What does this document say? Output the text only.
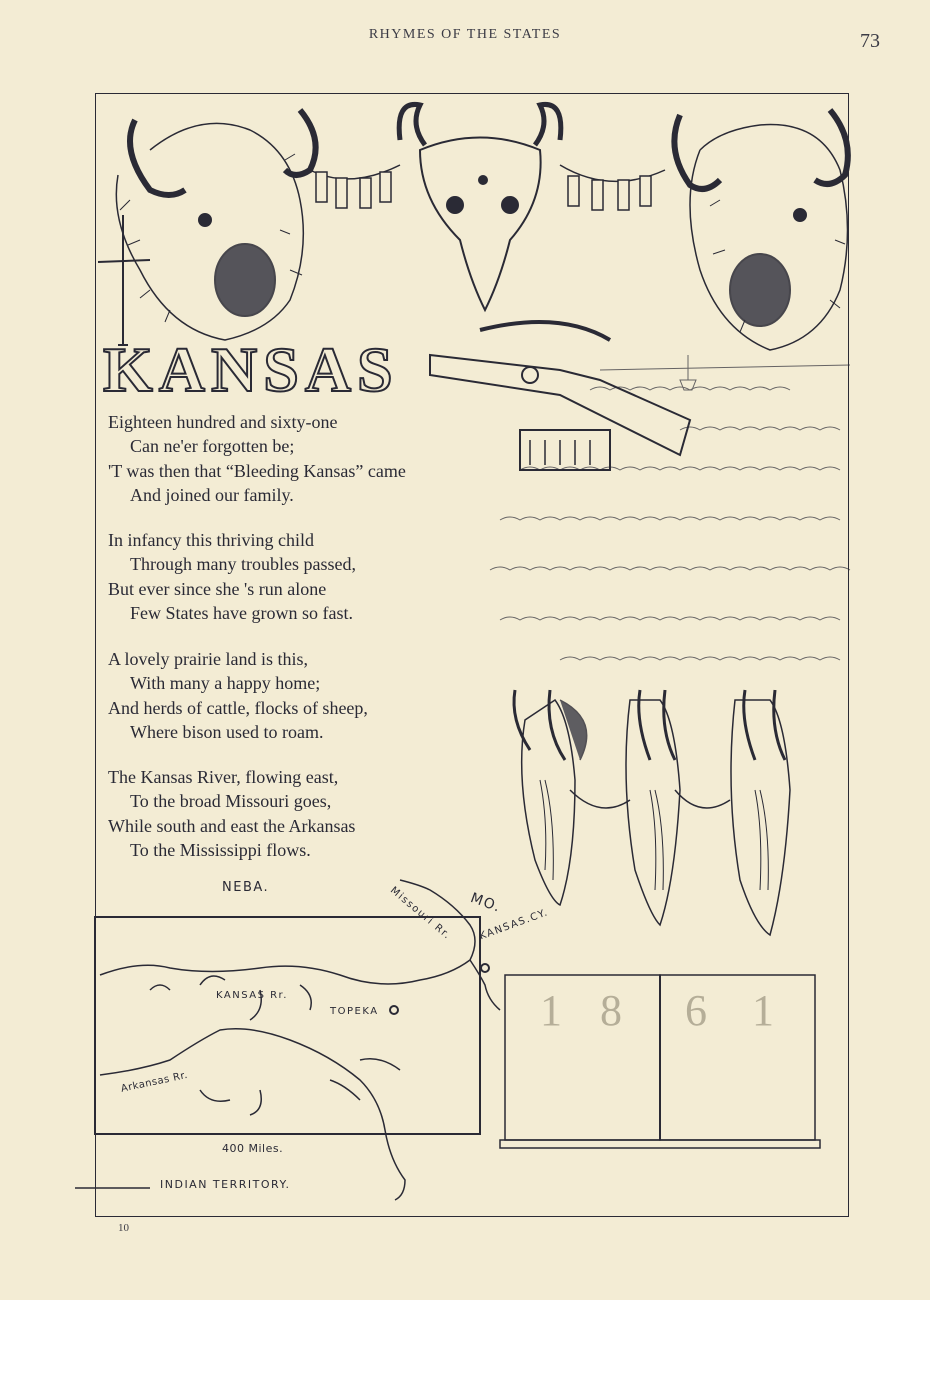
RHYMES OF THE STATES	73
KANSAS
Eighteen hundred and sixty-one
Can ne'er forgotten be;
'T was then that “Bleeding Kansas” came
And joined our family.
In infancy this thriving child
Through many troubles passed,
But ever since she 's run alone
Few States have grown so fast.
A lovely prairie land is this,
With many a happy home;
And herds of cattle, flocks of sheep,
Where bison used to roam.
The Kansas River, flowing east,
To the broad Missouri goes,
While south and east the Arkansas
To the Mississippi flows.
NEBA.
MO.
Missouri Rr.	KANSAS.CY.
KANSAS Rr.
TOPEKA
Arkansas Rr.
400 Miles.
INDIAN TERRITORY.
1 8 6 1
10
